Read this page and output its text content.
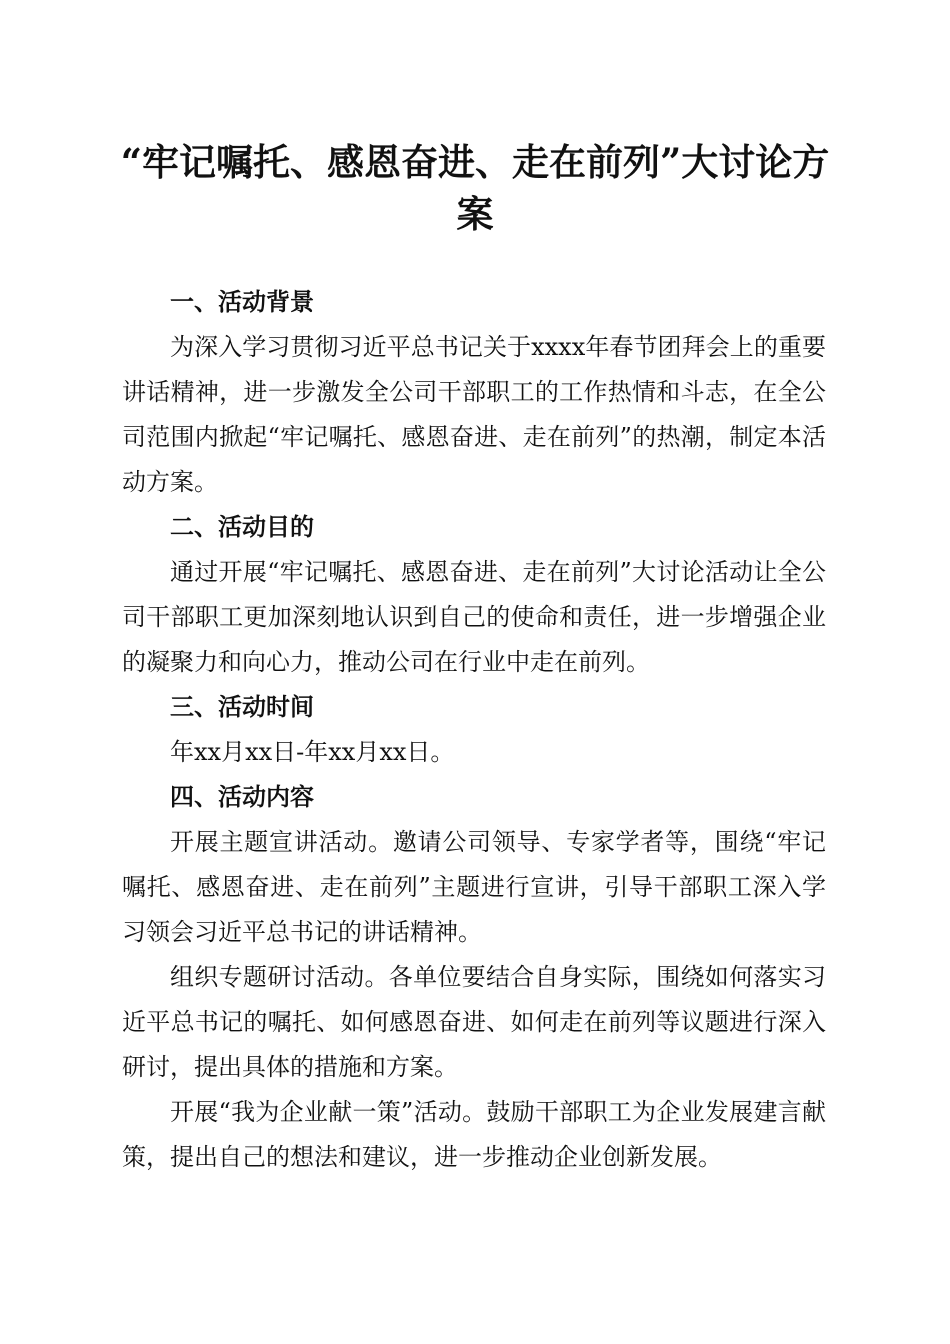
“牢记嘱托、感恩奋进、走在前列”大讨论方案

一、活动背景

为深入学习贯彻习近平总书记关于xxxx年春节团拜会上的重要讲话精神，进一步激发全公司干部职工的工作热情和斗志，在全公司范围内掀起“牢记嘱托、感恩奋进、走在前列”的热潮，制定本活动方案。

二、活动目的

通过开展“牢记嘱托、感恩奋进、走在前列”大讨论活动让全公司干部职工更加深刻地认识到自己的使命和责任，进一步增强企业的凝聚力和向心力，推动公司在行业中走在前列。

三、活动时间

年xx月xx日-年xx月xx日。

四、活动内容

开展主题宣讲活动。邀请公司领导、专家学者等，围绕“牢记嘱托、感恩奋进、走在前列”主题进行宣讲，引导干部职工深入学习领会习近平总书记的讲话精神。

组织专题研讨活动。各单位要结合自身实际，围绕如何落实习近平总书记的嘱托、如何感恩奋进、如何走在前列等议题进行深入研讨，提出具体的措施和方案。

开展“我为企业献一策”活动。鼓励干部职工为企业发展建言献策，提出自己的想法和建议，进一步推动企业创新发展。
